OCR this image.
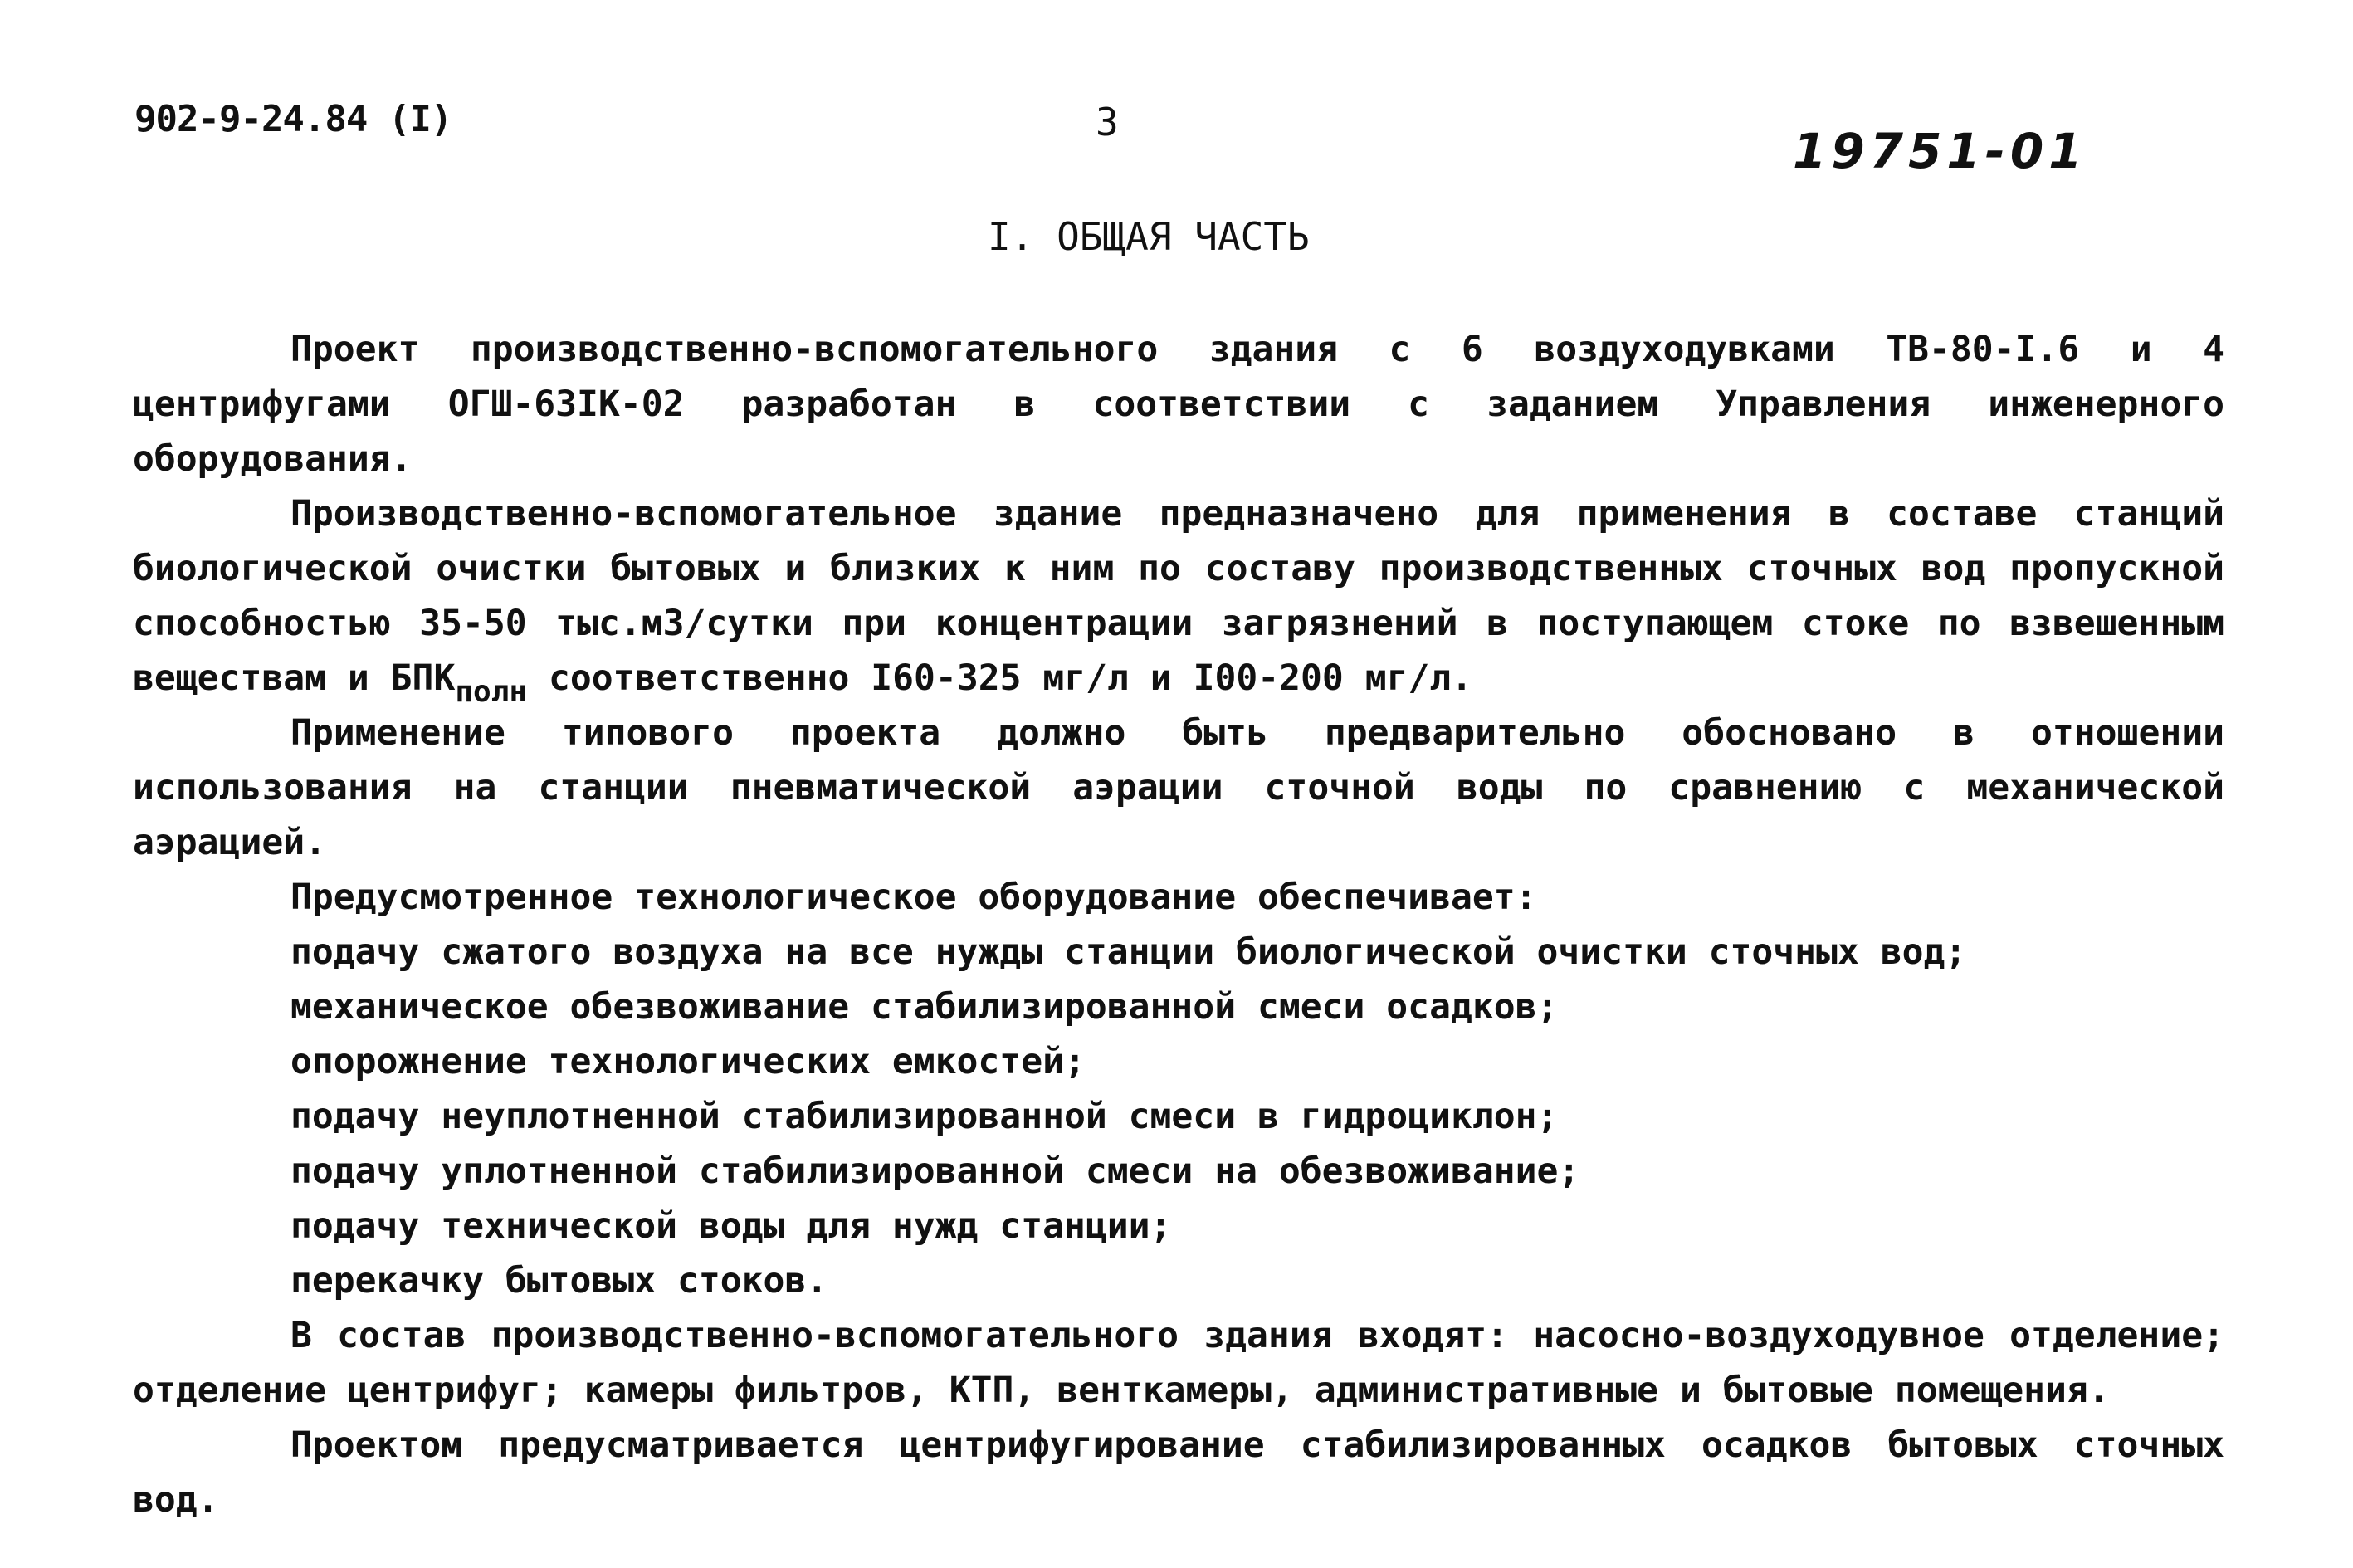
902-9-24.84 (I)	3
19751-01
I. ОБЩАЯ ЧАСТЬ

Проект производственно-вспомогательного здания с 6 воздуходувками ТВ-80-I.6 и 4 центрифугами ОГШ-63IК-02 разработан в соответствии с заданием Управления инженерного оборудования.

Производственно-вспомогательное здание предназначено для применения в составе станций биологической очистки бытовых и близких к ним по составу производственных сточных вод пропускной способностью 35-50 тыс.м3/сутки при концентрации загрязнений в поступающем стоке по взвешенным веществам и $БПК_{полн}$ соответственно I60-325 мг/л и I00-200 мг/л.

Применение типового проекта должно быть предварительно обосновано в отношении использования на станции пневматической аэрации сточной воды по сравнению с механической аэрацией.

Предусмотренное технологическое оборудование обеспечивает:

подачу сжатого воздуха на все нужды станции биологической очистки сточных вод;

механическое обезвоживание стабилизированной смеси осадков;

опорожнение технологических емкостей;

подачу неуплотненной стабилизированной смеси в гидроциклон;

подачу уплотненной стабилизированной смеси на обезвоживание;

подачу технической воды для нужд станции;

перекачку бытовых стоков.

В состав производственно-вспомогательного здания входят: насосно-воздуходувное отделение; отделение центрифуг; камеры фильтров, КТП, венткамеры, административные и бытовые помещения.

Проектом предусматривается центрифугирование стабилизированных осадков бытовых сточных вод.
